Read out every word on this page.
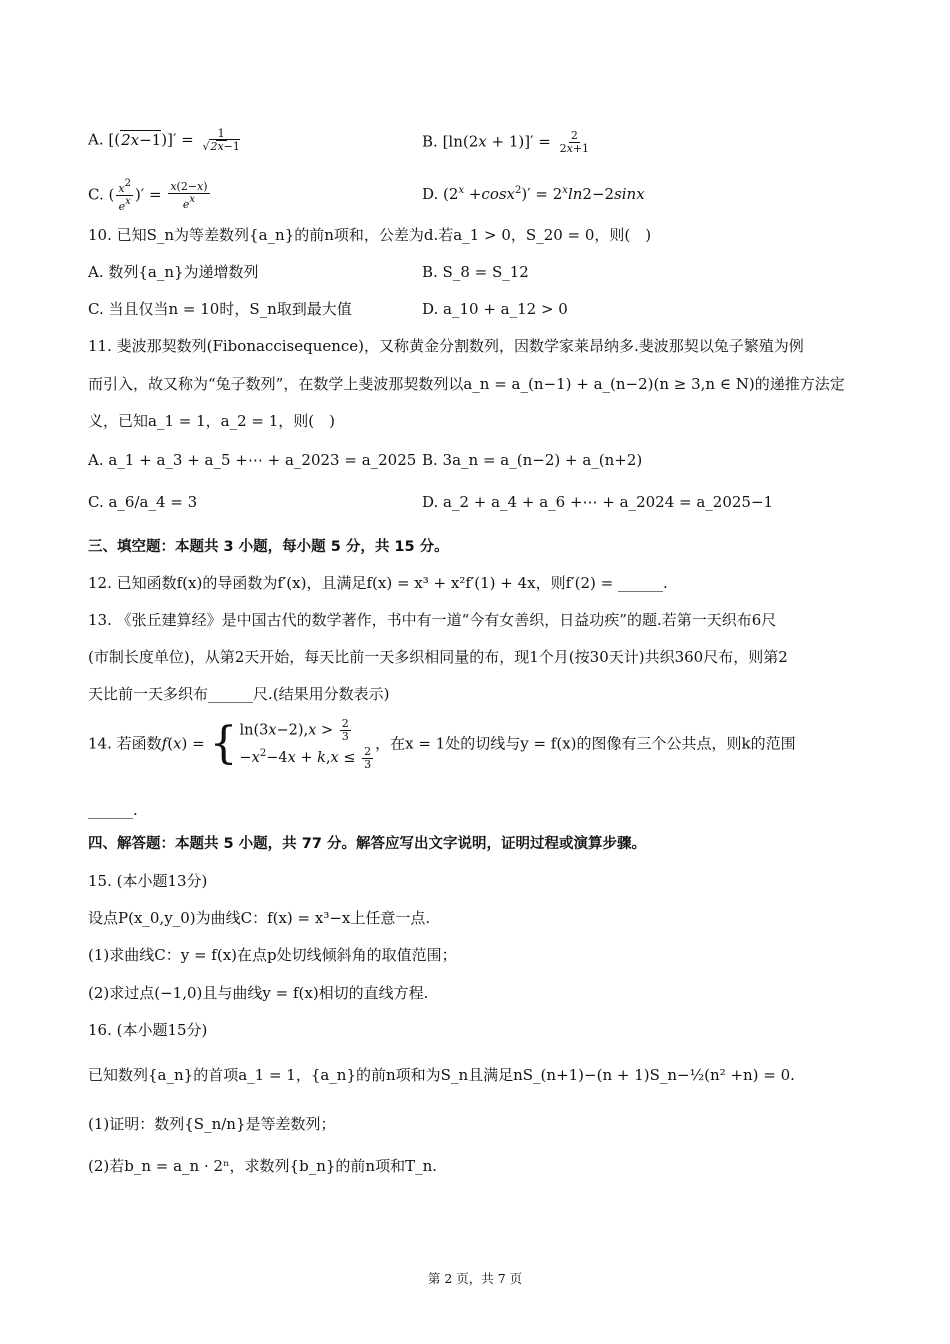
A. $[(2x-1)]' = \frac{1}{√2x-1}$	B. $[\ln(2x + 1)]' = \frac{2}{2x+1}$
C. ( $\frac{x^2}{e^x}$ )′ = $\frac{x(2-x)}{e^x}$	D. $(2^x +\cos x^2)' = 2^x\ln 2-2\sin x$
10. 已知S_n为等差数列{a_n}的前n项和，公差为d.若a_1 > 0，S_20 = 0，则(　)
A. 数列{a_n}为递增数列	B. S_8 = S_12
C. 当且仅当n = 10时，S_n取到最大值	D. a_10 + a_12 > 0
11. 斐波那契数列(Fibonaccisequence)，又称黄金分割数列，因数学家莱昂纳多.斐波那契以兔子繁殖为例
而引入，故又称为“兔子数列”，在数学上斐波那契数列以a_n = a_(n−1) + a_(n−2)(n ≥ 3,n ∈ N)的递推方法定
义，已知a_1 = 1，a_2 = 1，则(　)
A. a_1 + a_3 + a_5 +⋯ + a_2023 = a_2025 B. 3a_n = a_(n−2) + a_(n+2)
C. a_6/a_4 = 3	D. a_2 + a_4 + a_6 +⋯ + a_2024 = a_2025−1
三、填空题：本题共 3 小题，每小题 5 分，共 15 分。
12. 已知函数f(x)的导函数为f′(x)，且满足f(x) = x³ + x²f′(1) + 4x，则f′(2) = ______.
13. 《张丘建算经》是中国古代的数学著作，书中有一道“今有女善织，日益功疾”的题.若第一天织布6尺
(市制长度单位)，从第2天开始，每天比前一天多织相同量的布，现1个月(按30天计)共织360尺布，则第2
天比前一天多织布______尺.(结果用分数表示)
14. 若函数f(x) = { $\ln(3x-2),x > \frac{2}{3}$
$-x^2-4x + k,x \le \frac{2}{3}$
，在x = 1处的切线与y = f(x)的图像有三个公共点，则k的范围
______.
四、解答题：本题共 5 小题，共 77 分。解答应写出文字说明，证明过程或演算步骤。
15. (本小题13分)
设点P(x_0,y_0)为曲线C：f(x) = x³−x上任意一点.
(1)求曲线C：y = f(x)在点p处切线倾斜角的取值范围；
(2)求过点(−1,0)且与曲线y = f(x)相切的直线方程.
16. (本小题15分)
已知数列{a_n}的首项a_1 = 1，{a_n}的前n项和为S_n且满足nS_(n+1)−(n + 1)S_n−½(n² +n) = 0.
(1)证明：数列{S_n/n}是等差数列；
(2)若b_n = a_n · 2ⁿ，求数列{b_n}的前n项和T_n.
第 2 页，共 7 页
